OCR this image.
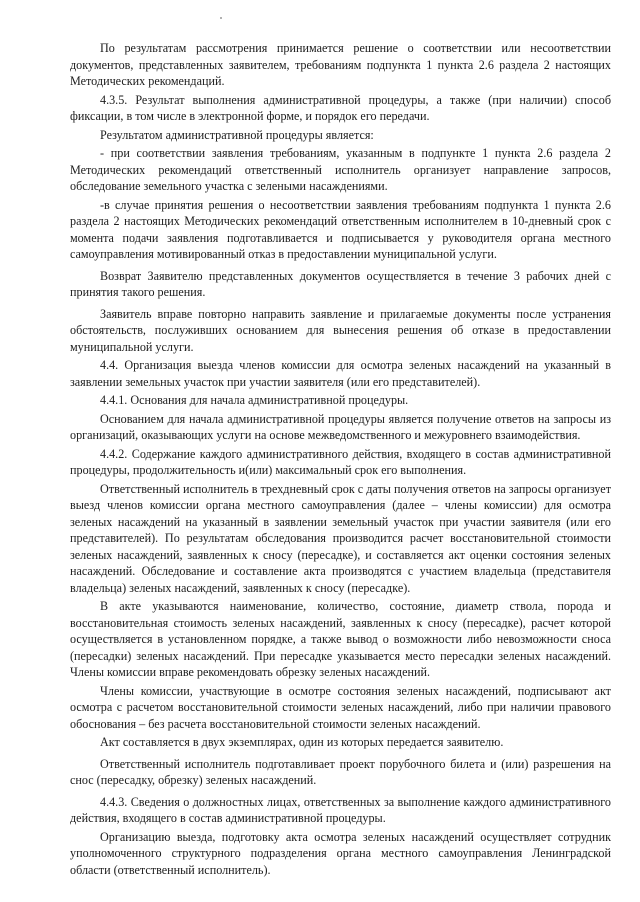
По результатам рассмотрения принимается решение о соответствии или несоответствии документов, представленных заявителем, требованиям подпункта 1 пункта 2.6 раздела 2 настоящих Методических рекомендаций.

4.3.5. Результат выполнения административной процедуры, а также (при наличии) способ фиксации, в том числе в электронной форме, и порядок его передачи.

Результатом административной процедуры является:

- при соответствии заявления требованиям, указанным в подпункте 1 пункта 2.6 раздела 2 Методических рекомендаций ответственный исполнитель организует направление запросов, обследование земельного участка с зелеными насаждениями.

-в случае принятия решения о несоответствии заявления требованиям подпункта 1 пункта 2.6 раздела 2 настоящих Методических рекомендаций ответственным исполнителем в 10-дневный срок с момента подачи заявления подготавливается и подписывается у руководителя органа местного самоуправления мотивированный отказ в предоставлении муниципальной услуги.

Возврат Заявителю представленных документов осуществляется в течение 3 рабочих дней с принятия такого решения.

Заявитель вправе повторно направить заявление и прилагаемые документы после устранения обстоятельств, послуживших основанием для вынесения решения об отказе в предоставлении муниципальной услуги.

4.4. Организация выезда членов комиссии для осмотра зеленых насаждений на указанный в заявлении земельных участок при участии заявителя (или его представителей).

4.4.1. Основания для начала административной процедуры.

Основанием для начала административной процедуры является получение ответов на запросы из организаций, оказывающих услуги на основе межведомственного и межуровнего взаимодействия.

4.4.2. Содержание каждого административного действия, входящего в состав административной процедуры, продолжительность и(или) максимальный срок его выполнения.

Ответственный исполнитель в трехдневный срок с даты получения ответов на запросы организует выезд членов комиссии органа местного самоуправления (далее – члены комиссии) для осмотра зеленых насаждений на указанный в заявлении земельный участок при участии заявителя (или его представителей). По результатам обследования производится расчет восстановительной стоимости зеленых насаждений, заявленных к сносу (пересадке), и составляется акт оценки состояния зеленых насаждений. Обследование и составление акта производятся с участием владельца (представителя владельца) зеленых насаждений, заявленных к сносу (пересадке).

В акте указываются наименование, количество, состояние, диаметр ствола, порода и восстановительная стоимость зеленых насаждений, заявленных к сносу (пересадке), расчет которой осуществляется в установленном порядке, а также вывод о возможности либо невозможности сноса (пересадки) зеленых насаждений. При пересадке указывается место пересадки зеленых насаждений. Члены комиссии вправе рекомендовать обрезку зеленых насаждений.

Члены комиссии, участвующие в осмотре состояния зеленых насаждений, подписывают акт осмотра с расчетом восстановительной стоимости зеленых насаждений, либо при наличии правового обоснования – без расчета восстановительной стоимости зеленых насаждений.

Акт составляется в двух экземплярах, один из которых передается заявителю.

Ответственный исполнитель подготавливает проект порубочного билета и (или) разрешения на снос (пересадку, обрезку) зеленых насаждений.

4.4.3. Сведения о должностных лицах, ответственных за выполнение каждого административного действия, входящего в состав административной процедуры.

Организацию выезда, подготовку акта осмотра зеленых насаждений осуществляет сотрудник уполномоченного структурного подразделения органа местного самоуправления Ленинградской области (ответственный исполнитель).
